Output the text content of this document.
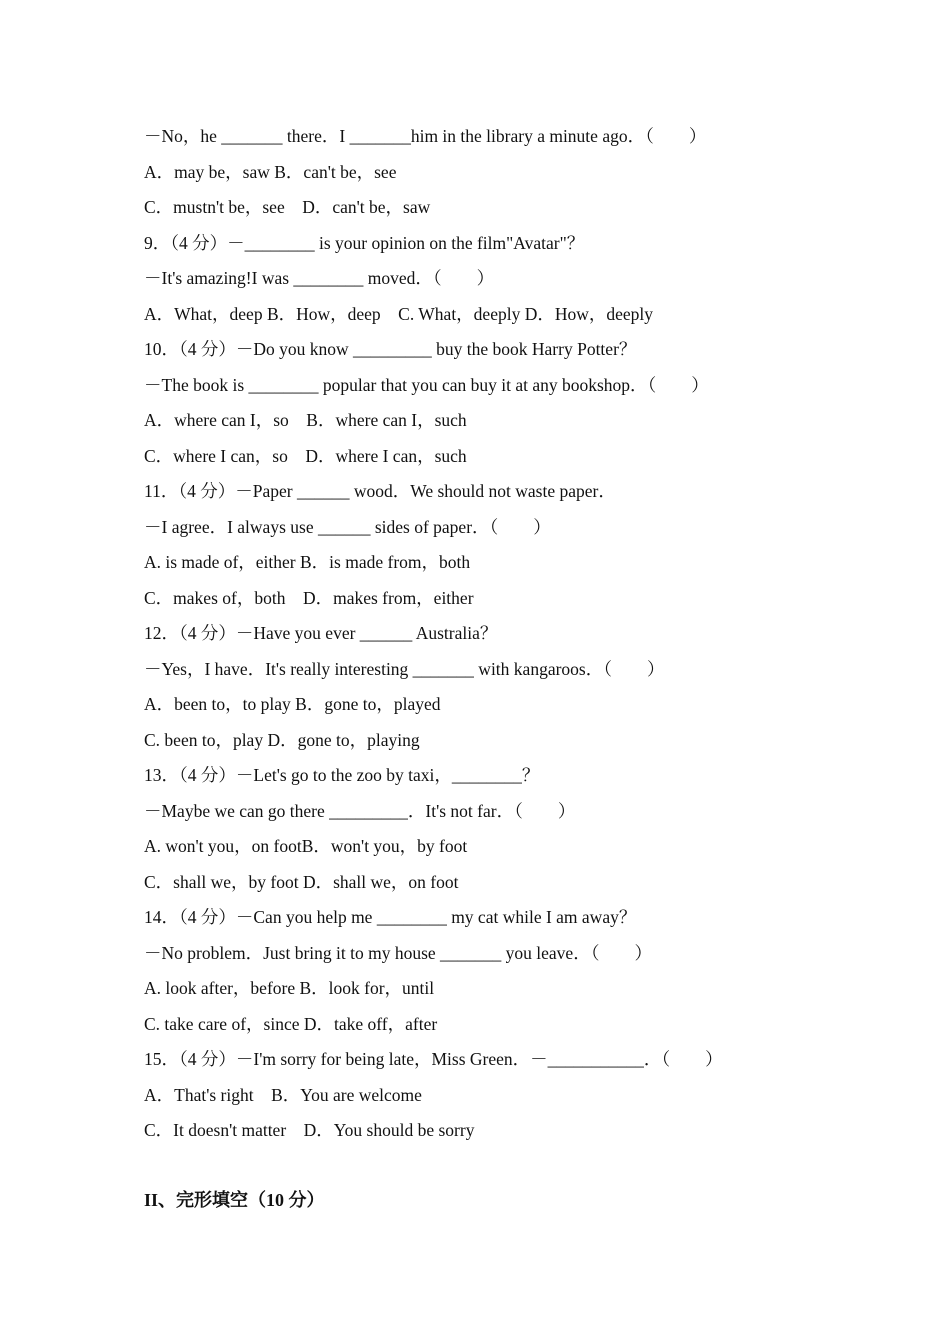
－No，he _______ there．I _______him in the library a minute ago．（　　）
A．may be，saw B．can't be，see
C．mustn't be，see　D．can't be，saw
9．（4 分）－________ is your opinion on the film"Avatar"？
－It's amazing!I was ________ moved．（　　）
A．What，deep B．How，deep　C. What，deeply D．How，deeply
10．（4 分）－Do you know _________ buy the book Harry Potter？
－The book is ________ popular that you can buy it at any bookshop．（　　）
A．where can I，so　B．where can I，such
C．where I can，so　D．where I can，such
11．（4 分）－Paper ______ wood．We should not waste paper．
－I agree．I always use ______ sides of paper．（　　）
A. is made of，either B．is made from，both
C．makes of，both　D．makes from，either
12．（4 分）－Have you ever ______ Australia？
－Yes，I have．It's really interesting _______ with kangaroos．（　　）
A．been to，to play B．gone to，played
C. been to，play D．gone to，playing
13．（4 分）－Let's go to the zoo by taxi，________？
－Maybe we can go there _________．It's not far．（　　）
A. won't you，on footB．won't you，by foot
C．shall we，by foot D．shall we，on foot
14．（4 分）－Can you help me ________ my cat while I am away？
－No problem．Just bring it to my house _______ you leave．（　　）
A. look after，before B．look for，until
C. take care of，since D．take off，after
15．（4 分）－I'm sorry for being late，Miss Green．－___________．（　　）
A．That's right　B．You are welcome
C．It doesn't matter　D．You should be sorry
II、完形填空（10 分）
